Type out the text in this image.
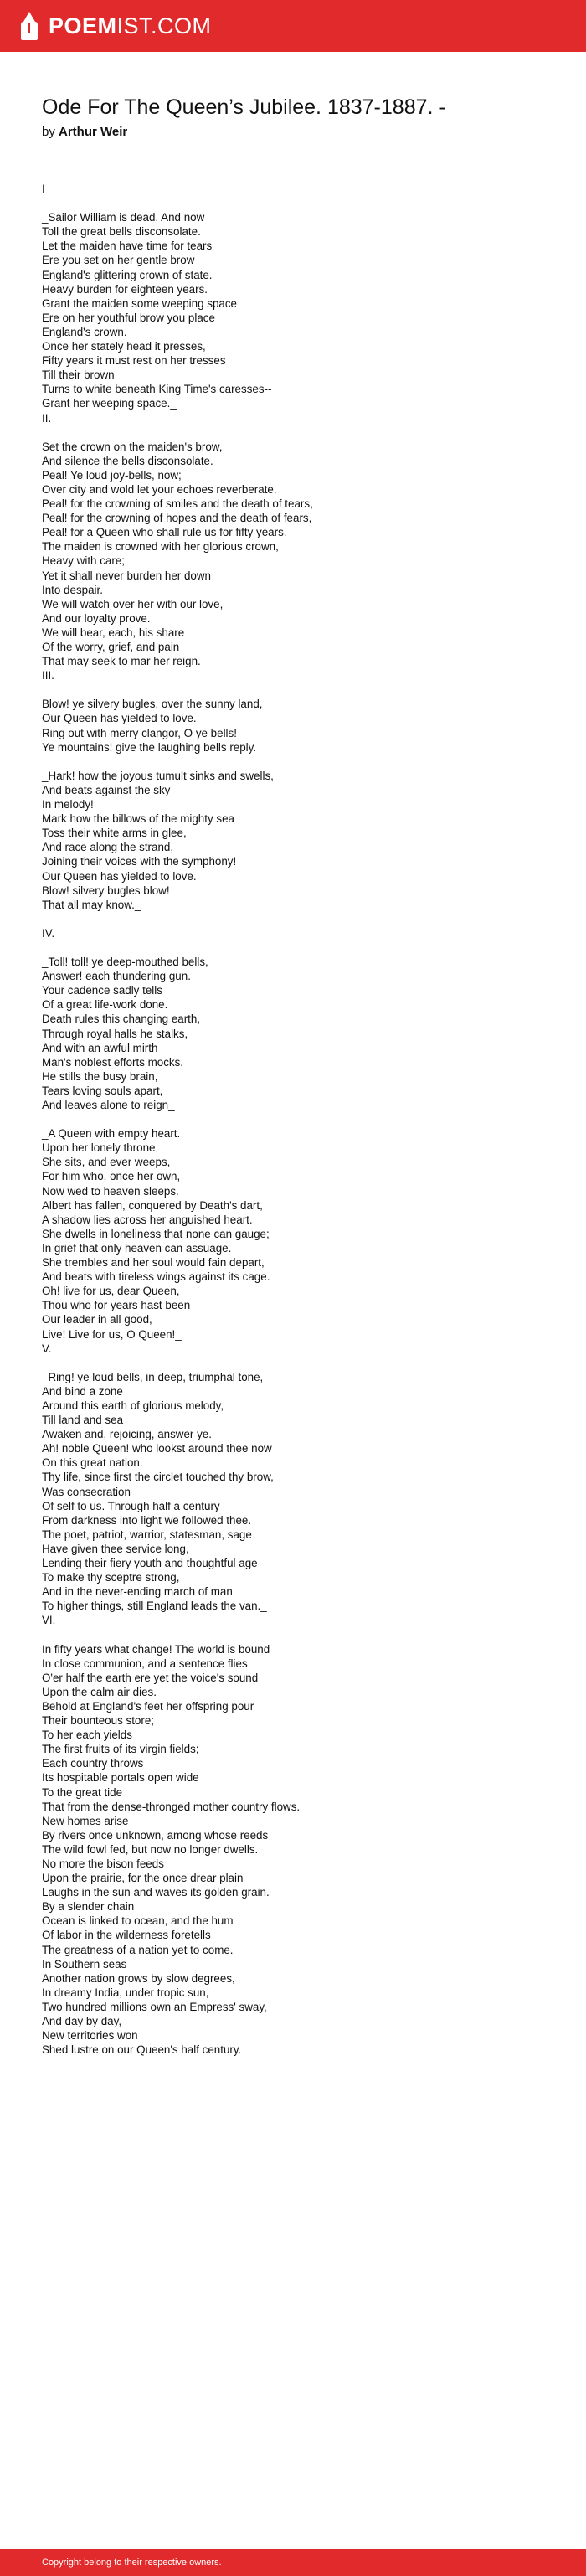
POEMIST.COM
Ode For The Queen’s Jubilee. 1837-1887. -
by Arthur Weir
I
_Sailor William is dead. And now
Toll the great bells disconsolate.
Let the maiden have time for tears
Ere you set on her gentle brow
England's glittering crown of state.
Heavy burden for eighteen years.
Grant the maiden some weeping space
Ere on her youthful brow you place
England's crown.
Once her stately head it presses,
Fifty years it must rest on her tresses
Till their brown
Turns to white beneath King Time's caresses--
Grant her weeping space._
II.
Set the crown on the maiden's brow,
And silence the bells disconsolate.
Peal! Ye loud joy-bells, now;
Over city and wold let your echoes reverberate.
Peal! for the crowning of smiles and the death of tears,
Peal! for the crowning of hopes and the death of fears,
Peal! for a Queen who shall rule us for fifty years.
The maiden is crowned with her glorious crown,
Heavy with care;
Yet it shall never burden her down
Into despair.
We will watch over her with our love,
And our loyalty prove.
We will bear, each, his share
Of the worry, grief, and pain
That may seek to mar her reign.
III.
Blow! ye silvery bugles, over the sunny land,
Our Queen has yielded to love.
Ring out with merry clangor, O ye bells!
Ye mountains! give the laughing bells reply.
_Hark! how the joyous tumult sinks and swells,
And beats against the sky
In melody!
Mark how the billows of the mighty sea
Toss their white arms in glee,
And race along the strand,
Joining their voices with the symphony!
Our Queen has yielded to love.
Blow! silvery bugles blow!
That all may know._
IV.
_Toll! toll! ye deep-mouthed bells,
Answer! each thundering gun.
Your cadence sadly tells
Of a great life-work done.
Death rules this changing earth,
Through royal halls he stalks,
And with an awful mirth
Man's noblest efforts mocks.
He stills the busy brain,
Tears loving souls apart,
And leaves alone to reign_
_A Queen with empty heart.
Upon her lonely throne
She sits, and ever weeps,
For him who, once her own,
Now wed to heaven sleeps.
Albert has fallen, conquered by Death's dart,
A shadow lies across her anguished heart.
She dwells in loneliness that none can gauge;
In grief that only heaven can assuage.
She trembles and her soul would fain depart,
And beats with tireless wings against its cage.
Oh! live for us, dear Queen,
Thou who for years hast been
Our leader in all good,
Live! Live for us, O Queen!_
V.
_Ring! ye loud bells, in deep, triumphal tone,
And bind a zone
Around this earth of glorious melody,
Till land and sea
Awaken and, rejoicing, answer ye.
Ah! noble Queen! who lookst around thee now
On this great nation.
Thy life, since first the circlet touched thy brow,
Was consecration
Of self to us. Through half a century
From darkness into light we followed thee.
The poet, patriot, warrior, statesman, sage
Have given thee service long,
Lending their fiery youth and thoughtful age
To make thy sceptre strong,
And in the never-ending march of man
To higher things, still England leads the van._
VI.
In fifty years what change! The world is bound
In close communion, and a sentence flies
O'er half the earth ere yet the voice's sound
Upon the calm air dies.
Behold at England's feet her offspring pour
Their bounteous store;
To her each yields
The first fruits of its virgin fields;
Each country throws
Its hospitable portals open wide
To the great tide
That from the dense-thronged mother country flows.
New homes arise
By rivers once unknown, among whose reeds
The wild fowl fed, but now no longer dwells.
No more the bison feeds
Upon the prairie, for the once drear plain
Laughs in the sun and waves its golden grain.
By a slender chain
Ocean is linked to ocean, and the hum
Of labor in the wilderness foretells
The greatness of a nation yet to come.
In Southern seas
Another nation grows by slow degrees,
In dreamy India, under tropic sun,
Two hundred millions own an Empress' sway,
And day by day,
New territories won
Shed lustre on our Queen's half century.
Copyright belong to their respective owners.
